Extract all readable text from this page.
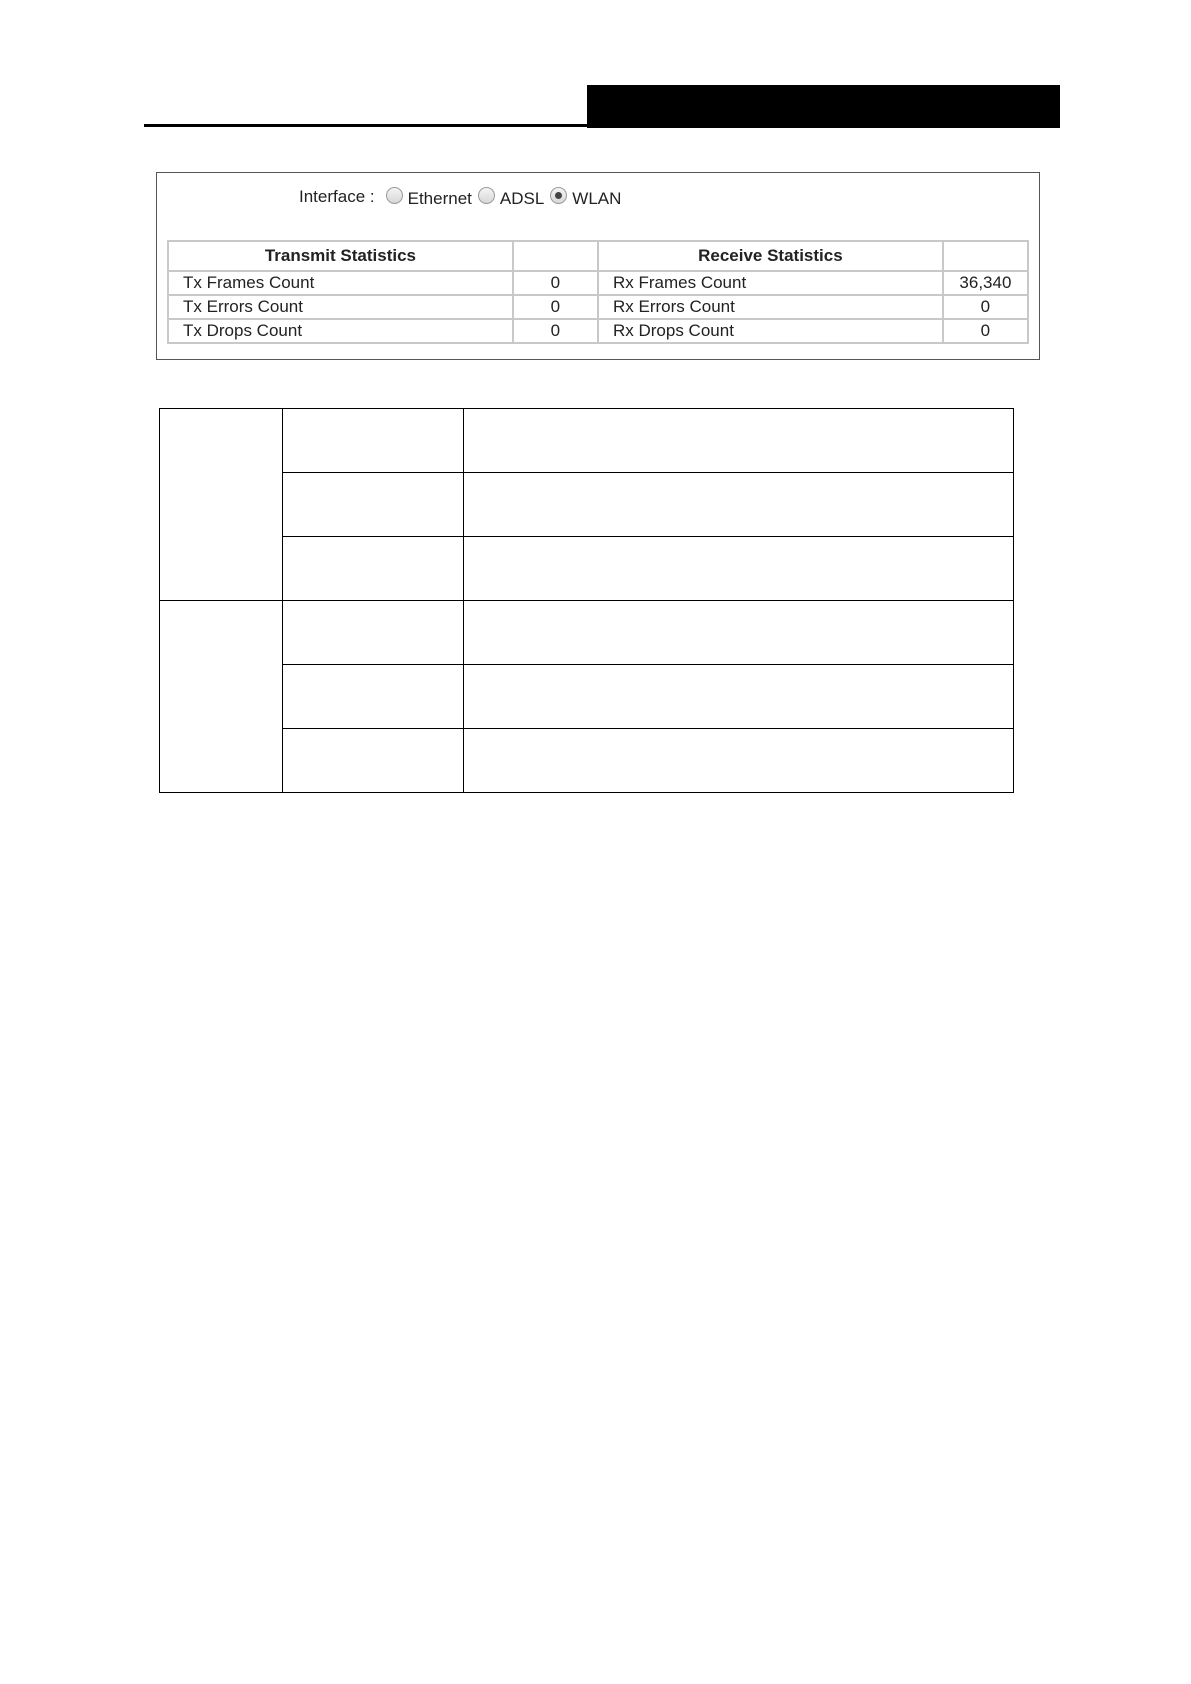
Interface : Ethernet ADSL WLAN
Transmit Statistics		Receive Statistics	
Tx Frames Count	0	Rx Frames Count	36,340
Tx Errors Count	0	Rx Errors Count	0
Tx Drops Count	0	Rx Drops Count	0
